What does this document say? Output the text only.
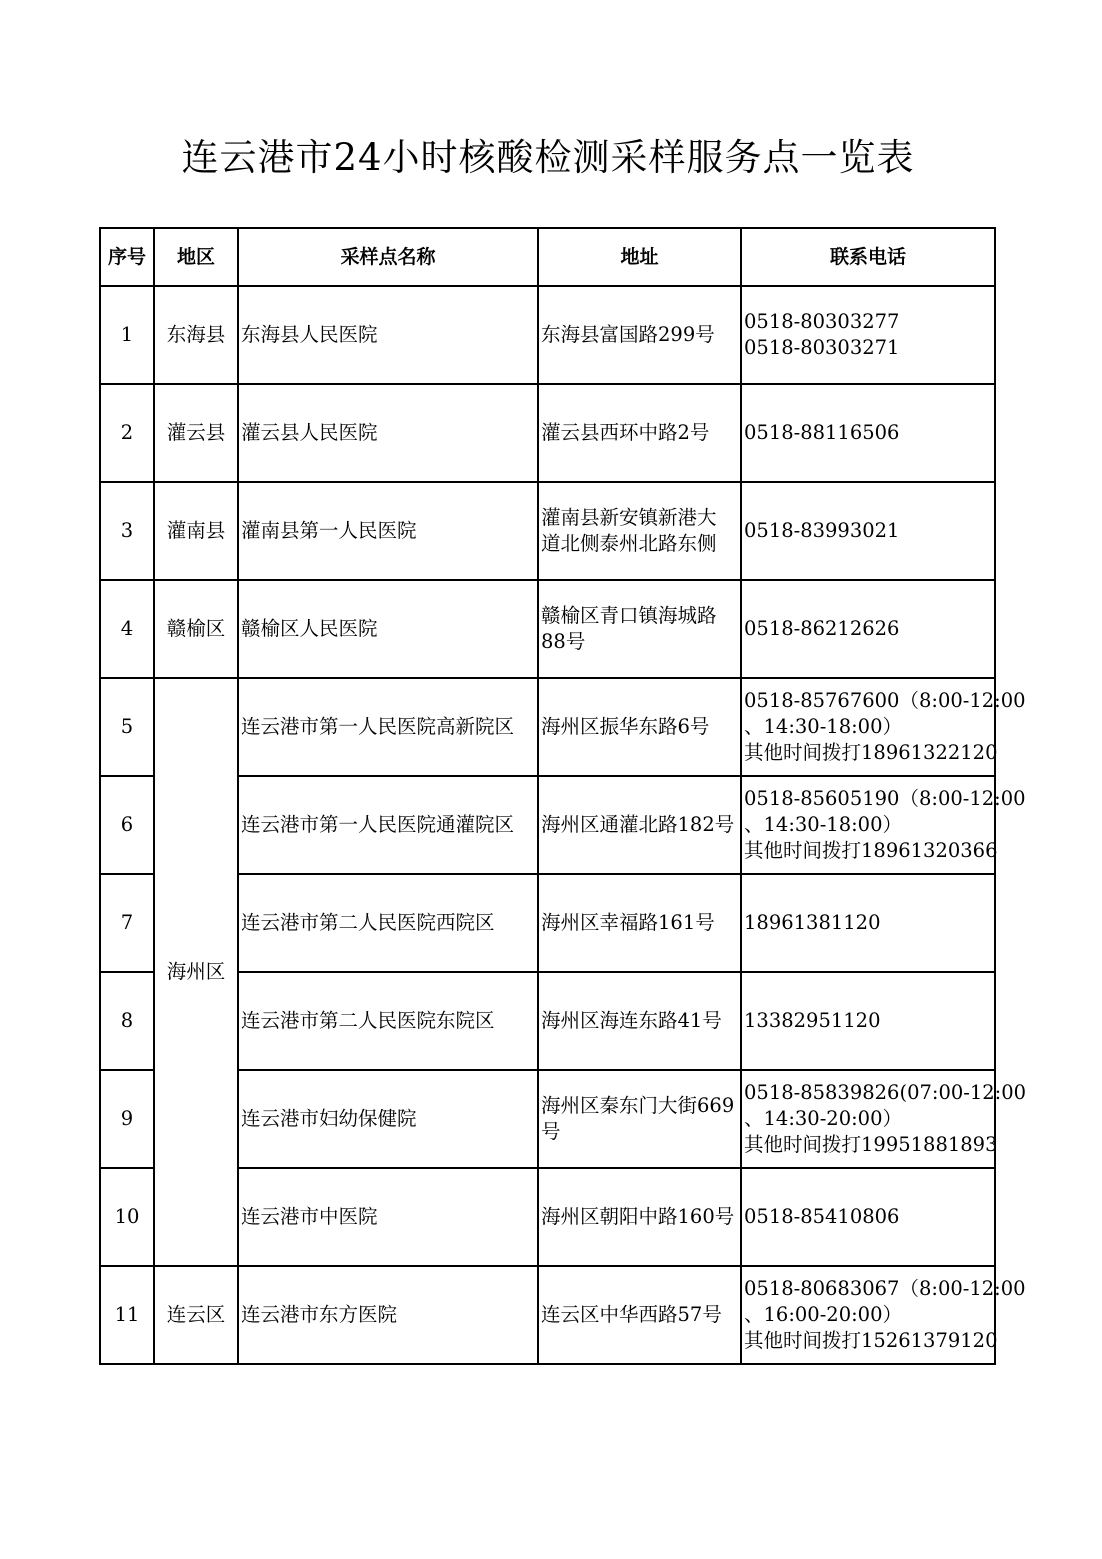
连云港市24小时核酸检测采样服务点一览表
序号	地区	采样点名称	地址	联系电话
1	东海县	东海县人民医院	东海县富国路299号	0518-80303277
0518-80303271

2	灌云县	灌云县人民医院	灌云县西环中路2号	0518-88116506

3	灌南县	灌南县第一人民医院	灌南县新安镇新港大
道北侧泰州北路东侧	0518-83993021

4	赣榆区	赣榆区人民医院	赣榆区青口镇海城路
88号	0518-86212626

5	海州区	连云港市第一人民医院高新院区	海州区振华东路6号	0518-85767600（8:00-12:00
、14:30-18:00）
其他时间拨打18961322120

6		连云港市第一人民医院通灌院区	海州区通灌北路182号	0518-85605190（8:00-12:00
、14:30-18:00）
其他时间拨打18961320366

7		连云港市第二人民医院西院区	海州区幸福路161号	18961381120

8		连云港市第二人民医院东院区	海州区海连东路41号	13382951120

9		连云港市妇幼保健院	海州区秦东门大街669
号	0518-85839826(07:00-12:00
、14:30-20:00）
其他时间拨打19951881893

10		连云港市中医院	海州区朝阳中路160号	0518-85410806

11	连云区	连云港市东方医院	连云区中华西路57号	0518-80683067（8:00-12:00
、16:00-20:00）
其他时间拨打15261379120
